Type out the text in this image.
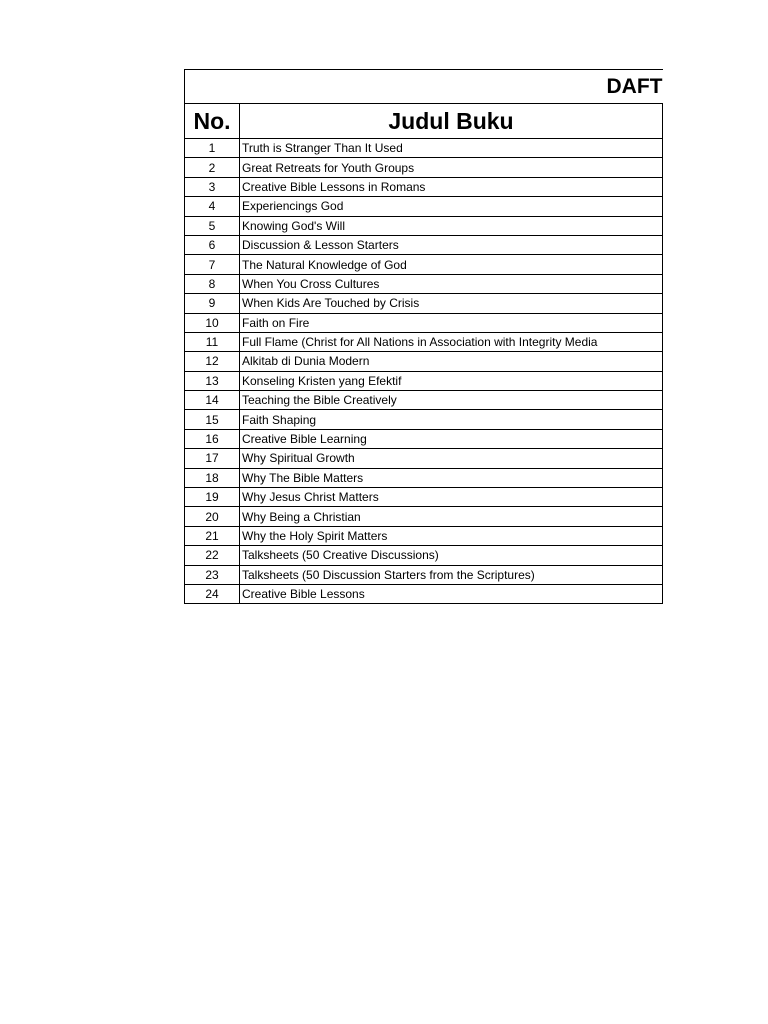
DAFT	
No.	Judul Buku
1	Truth is Stranger Than It Used
2	Great Retreats for Youth Groups
3	Creative Bible Lessons in Romans
4	Experiencings God
5	Knowing God's Will
6	Discussion & Lesson Starters
7	The Natural Knowledge of God
8	When You Cross Cultures
9	When Kids Are Touched by Crisis
10	Faith on Fire
11	Full Flame (Christ for All Nations in Association with Integrity Media
12	Alkitab di Dunia Modern
13	Konseling Kristen yang Efektif
14	Teaching the Bible Creatively
15	Faith Shaping
16	Creative Bible Learning
17	Why Spiritual Growth
18	Why The Bible Matters
19	Why Jesus Christ Matters
20	Why Being a Christian
21	Why the Holy Spirit Matters
22	Talksheets (50 Creative Discussions)
23	Talksheets (50 Discussion Starters from the Scriptures)
24	Creative Bible Lessons
